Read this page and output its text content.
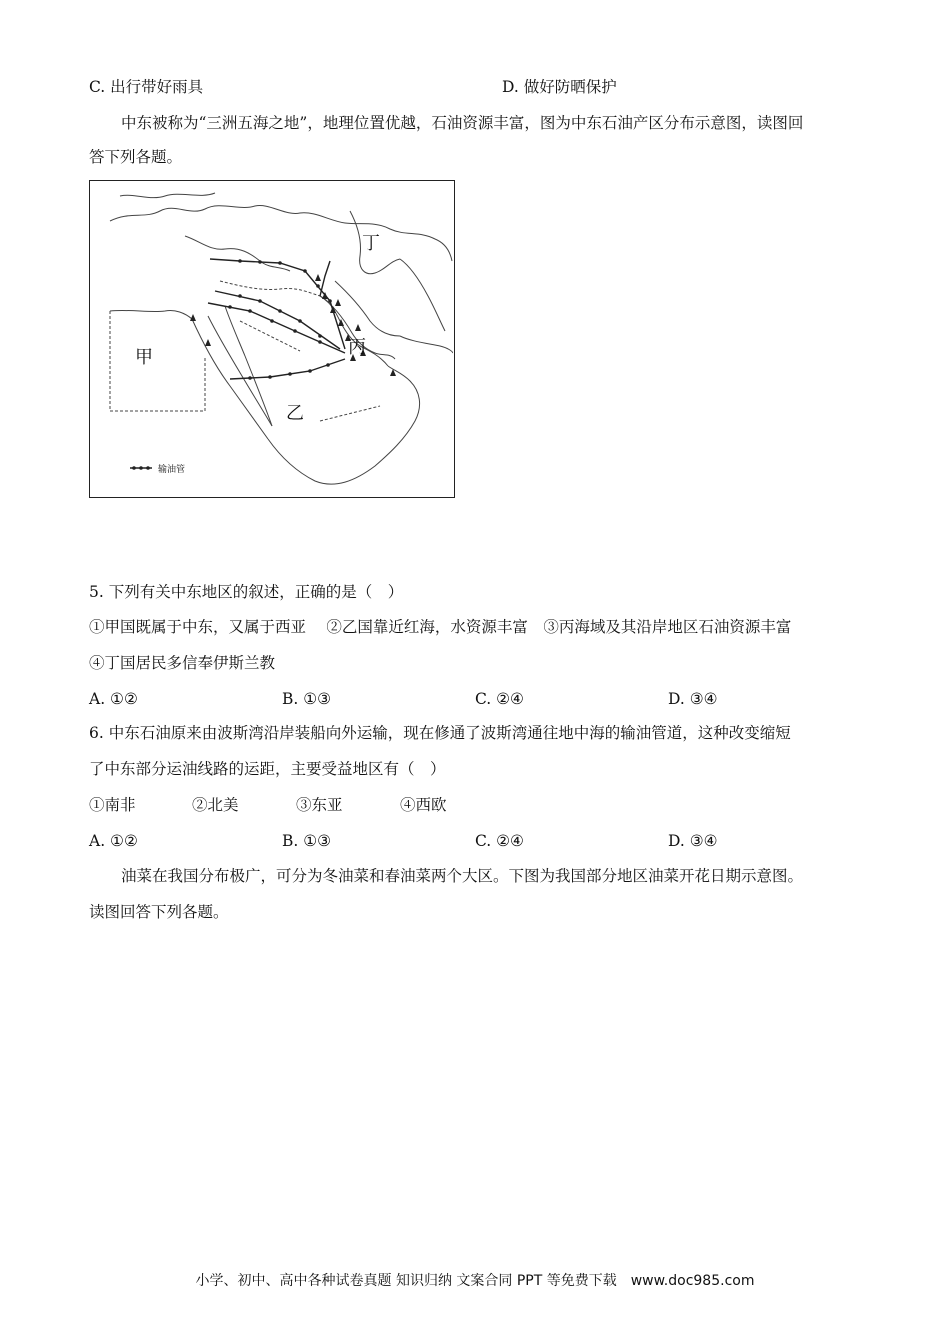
C. 出行带好雨具	D. 做好防晒保护
中东被称为“三洲五海之地”，地理位置优越，石油资源丰富，图为中东石油产区分布示意图，读图回
答下列各题。
甲
乙
丙
丁
输油管
5. 下列有关中东地区的叙述，正确的是（　）
①甲国既属于中东，又属于西亚　 ②乙国靠近红海，水资源丰富　③丙海域及其沿岸地区石油资源丰富
④丁国居民多信奉伊斯兰教
A. ①②	B. ①③	C. ②④	D. ③④
6. 中东石油原来由波斯湾沿岸装船向外运输，现在修通了波斯湾通往地中海的输油管道，这种改变缩短
了中东部分运油线路的运距，主要受益地区有（　）
①南非	②北美	③东亚	④西欧
A. ①②	B. ①③	C. ②④	D. ③④
油菜在我国分布极广，可分为冬油菜和春油菜两个大区。下图为我国部分地区油菜开花日期示意图。
读图回答下列各题。
小学、初中、高中各种试卷真题 知识归纳 文案合同 PPT 等免费下载　www.doc985.com
